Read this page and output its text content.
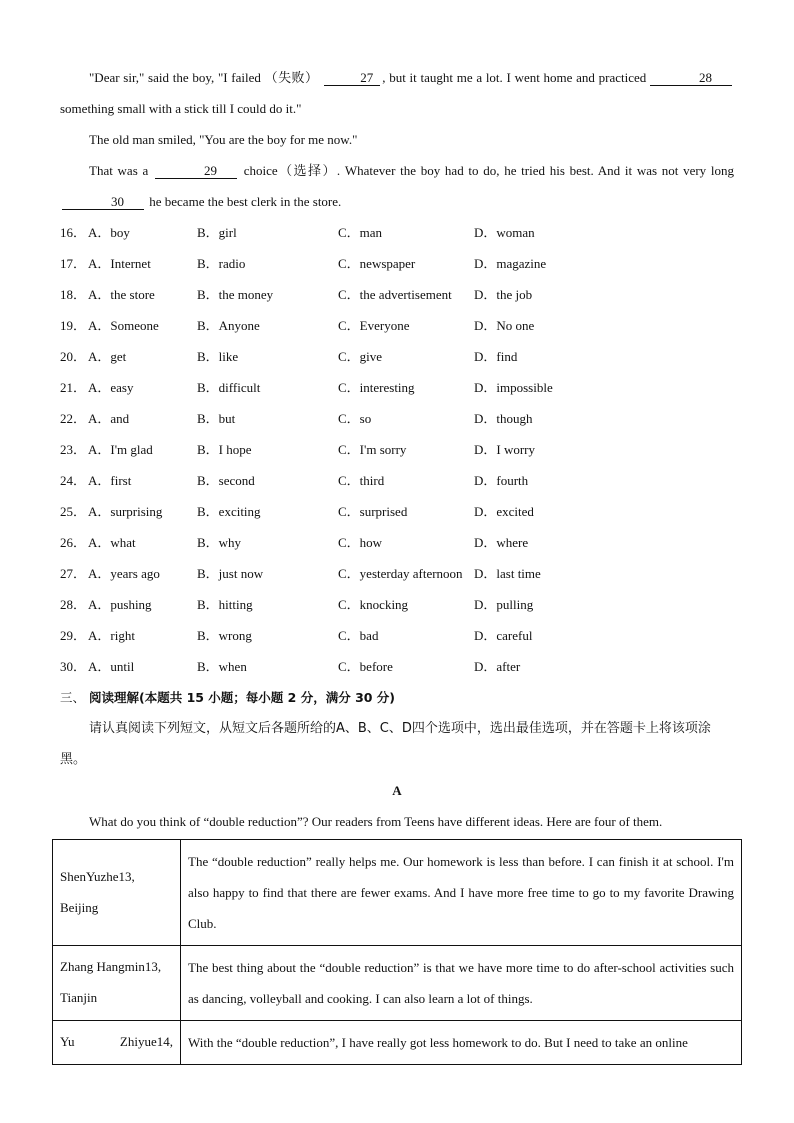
"Dear sir," said the boy, "I failed （失败）	27 , but it taught me a lot. I went home and practiced	28 something small with a stick till I could do it."

The old man smiled, "You are the boy for me now."

That was a	29 choice（选择）. Whatever the boy had to do, he tried his best. And it was not very long 30 he became the best clerk in the store.

16． A．boy	B．girl	C．man	D．woman
17． A．Internet	B．radio	C．newspaper	D．magazine
18． A．the store	B．the money	C．the advertisement D．the job
19． A．Someone	B．Anyone	C．Everyone	D．No one
20． A．get	B．like	C．give	D．find
21． A．easy	B．difficult	C．interesting	D．impossible
22． A．and	B．but	C．so	D．though
23． A．I'm glad	B．I hope	C．I'm sorry	D．I worry
24． A．first	B．second	C．third	D．fourth
25． A．surprising	B．exciting	C．surprised	D．excited
26． A．what	B．why	C．how	D．where
27． A．years ago	B．just now	C．yesterday afternoon D．last time
28． A．pushing	B．hitting	C．knocking	D．pulling
29． A．right	B．wrong	C．bad	D．careful
30． A．until	B．when	C．before	D．after

三、 阅读理解(本题共 15 小题；每小题 2 分，满分 30 分)

请认真阅读下列短文，从短文后各题所给的A、B、C、D四个选项中，选出最佳选项，并在答题卡上将该项涂黑。

A

What do you think of “double reduction”? Our readers from Teens have different ideas. Here are four of them.

ShenYuzhe13,
Beijing	The “double reduction” really helps me. Our homework is less than before. I can finish it at school. I'm also happy to find that there are fewer exams. And I have more free time to go to my favorite Drawing Club.

Zhang Hangmin13,
Tianjin	The best thing about the “double reduction” is that we have more time to do after-school activities such as dancing, volleyball and cooking. I can also learn a lot of things.

Yu Zhiyue14,	With the “double reduction”, I have really got less homework to do. But I need to take an online
